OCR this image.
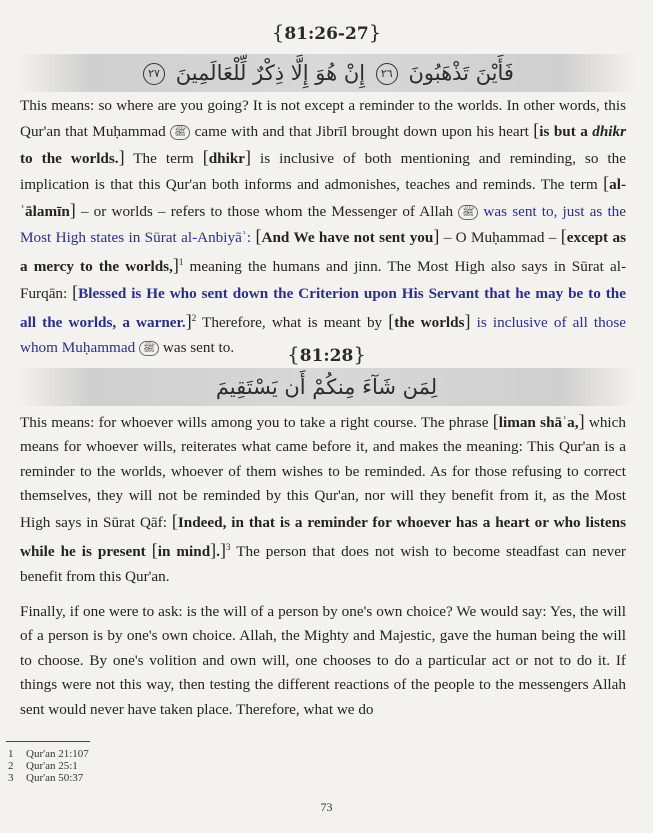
{81:26-27}
فَأَيْنَ تَذْهَبُونَ ٢٦ إِنْ هُوَ إِلَّا ذِكْرٌ لِّلْعَالَمِينَ ٢٧
This means: so where are you going? It is not except a reminder to the worlds. In other words, this Qur'an that Muḥammad ﷺ came with and that Jibrīl brought down upon his heart [is but a dhikr to the worlds.] The term [dhikr] is inclusive of both mentioning and reminding, so the implication is that this Qur'an both informs and admonishes, teaches and reminds. The term [al-ʿālamīn] – or worlds – refers to those whom the Messenger of Allah ﷺ was sent to, just as the Most High states in Sūrat al-Anbiyāʾ: [And We have not sent you] – O Muḥammad – [except as a mercy to the worlds,]$^1$ meaning the humans and jinn. The Most High also says in Sūrat al-Furqān: [Blessed is He who sent down the Criterion upon His Servant that he may be to the all the worlds, a warner.]$^2$ Therefore, what is meant by [the worlds] is inclusive of all those whom Muḥammad ﷺ was sent to.	{81:28}
لِمَن شَآءَ مِنكُمْ أَن يَسْتَقِيمَ
This means: for whoever wills among you to take a right course. The phrase [liman shāʾa,] which means for whoever wills, reiterates what came before it, and makes the meaning: This Qur'an is a reminder to the worlds, whoever of them wishes to be reminded. As for those refusing to correct themselves, they will not be reminded by this Qur'an, nor will they benefit from it, as the Most High says in Sūrat Qāf: [Indeed, in that is a reminder for whoever has a heart or who listens while he is present [in mind].]$^3$ The person that does not wish to become steadfast can never benefit from this Qur'an.
Finally, if one were to ask: is the will of a person by one's own choice? We would say: Yes, the will of a person is by one's own choice. Allah, the Mighty and Majestic, gave the human being the will to choose. By one's volition and own will, one chooses to do a particular act or not to do it. If things were not this way, then testing the different reactions of the people to the messengers Allah sent would never have taken place. Therefore, what we do
1 Qur'an 21:107
2 Qur'an 25:1
3 Qur'an 50:37
73
